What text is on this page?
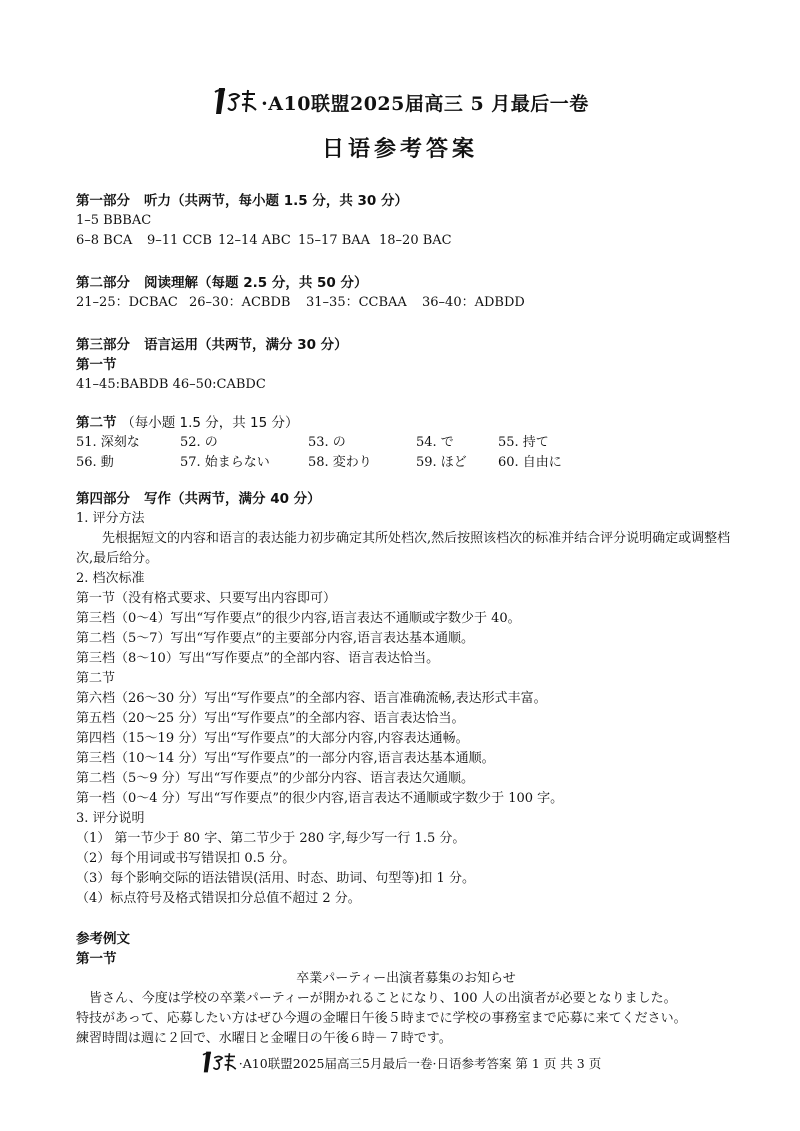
·A10联盟2025届高三 5 月最后一卷
日语参考答案
第一部分 听力（共两节，每小题 1.5 分，共 30 分）
1–5 BBBAC
6–8 BCA 9–11 CCB 12–14 ABC 15–17 BAA 18–20 BAC
第二部分 阅读理解（每题 2.5 分，共 50 分）
21–25：DCBAC 26–30：ACBDB 31–35：CCBAA 36–40：ADBDD
第三部分 语言运用（共两节，满分 30 分）
第一节
41–45:BABDB 46–50:CABDC
第二节 （每小题 1.5 分，共 15 分）
51. 深刻な	52. の	53. の	54. で	55. 持て
56. 動	57. 始まらない	58. 変わり	59. ほど	60. 自由に
第四部分 写作（共两节，满分 40 分）
1. 评分方法
先根据短文的内容和语言的表达能力初步确定其所处档次,然后按照该档次的标准并结合评分说明确定或调整档次,最后给分。
2. 档次标准
第一节（没有格式要求、只要写出内容即可）
第三档（0～4）写出“写作要点”的很少内容,语言表达不通顺或字数少于 40。
第二档（5～7）写出“写作要点”的主要部分内容,语言表达基本通顺。
第三档（8～10）写出“写作要点”的全部内容、语言表达恰当。
第二节
第六档（26～30 分）写出“写作要点”的全部内容、语言准确流畅,表达形式丰富。
第五档（20～25 分）写出“写作要点”的全部内容、语言表达恰当。
第四档（15～19 分）写出“写作要点”的大部分内容,内容表达通畅。
第三档（10～14 分）写出“写作要点”的一部分内容,语言表达基本通顺。
第二档（5～9 分）写出“写作要点”的少部分内容、语言表达欠通顺。
第一档（0～4 分）写出“写作要点”的很少内容,语言表达不通顺或字数少于 100 字。
3. 评分说明
（1） 第一节少于 80 字、第二节少于 280 字,每少写一行 1.5 分。
（2）每个用词或书写错误扣 0.5 分。
（3）每个影响交际的语法错误(活用、时态、助词、句型等)扣 1 分。
（4）标点符号及格式错误扣分总值不超过 2 分。
参考例文
第一节
卒業パーティー出演者募集のお知らせ
皆さん、今度は学校の卒業パーティーが開かれることになり、100 人の出演者が必要となりました。
特技があって、応募したい方はぜひ今週の金曜日午後５時までに学校の事務室まで応募に来てください。
練習時間は週に２回で、水曜日と金曜日の午後６時－７時です。
·A10联盟2025届高三5月最后一卷·日语参考答案 第 1 页 共 3 页
